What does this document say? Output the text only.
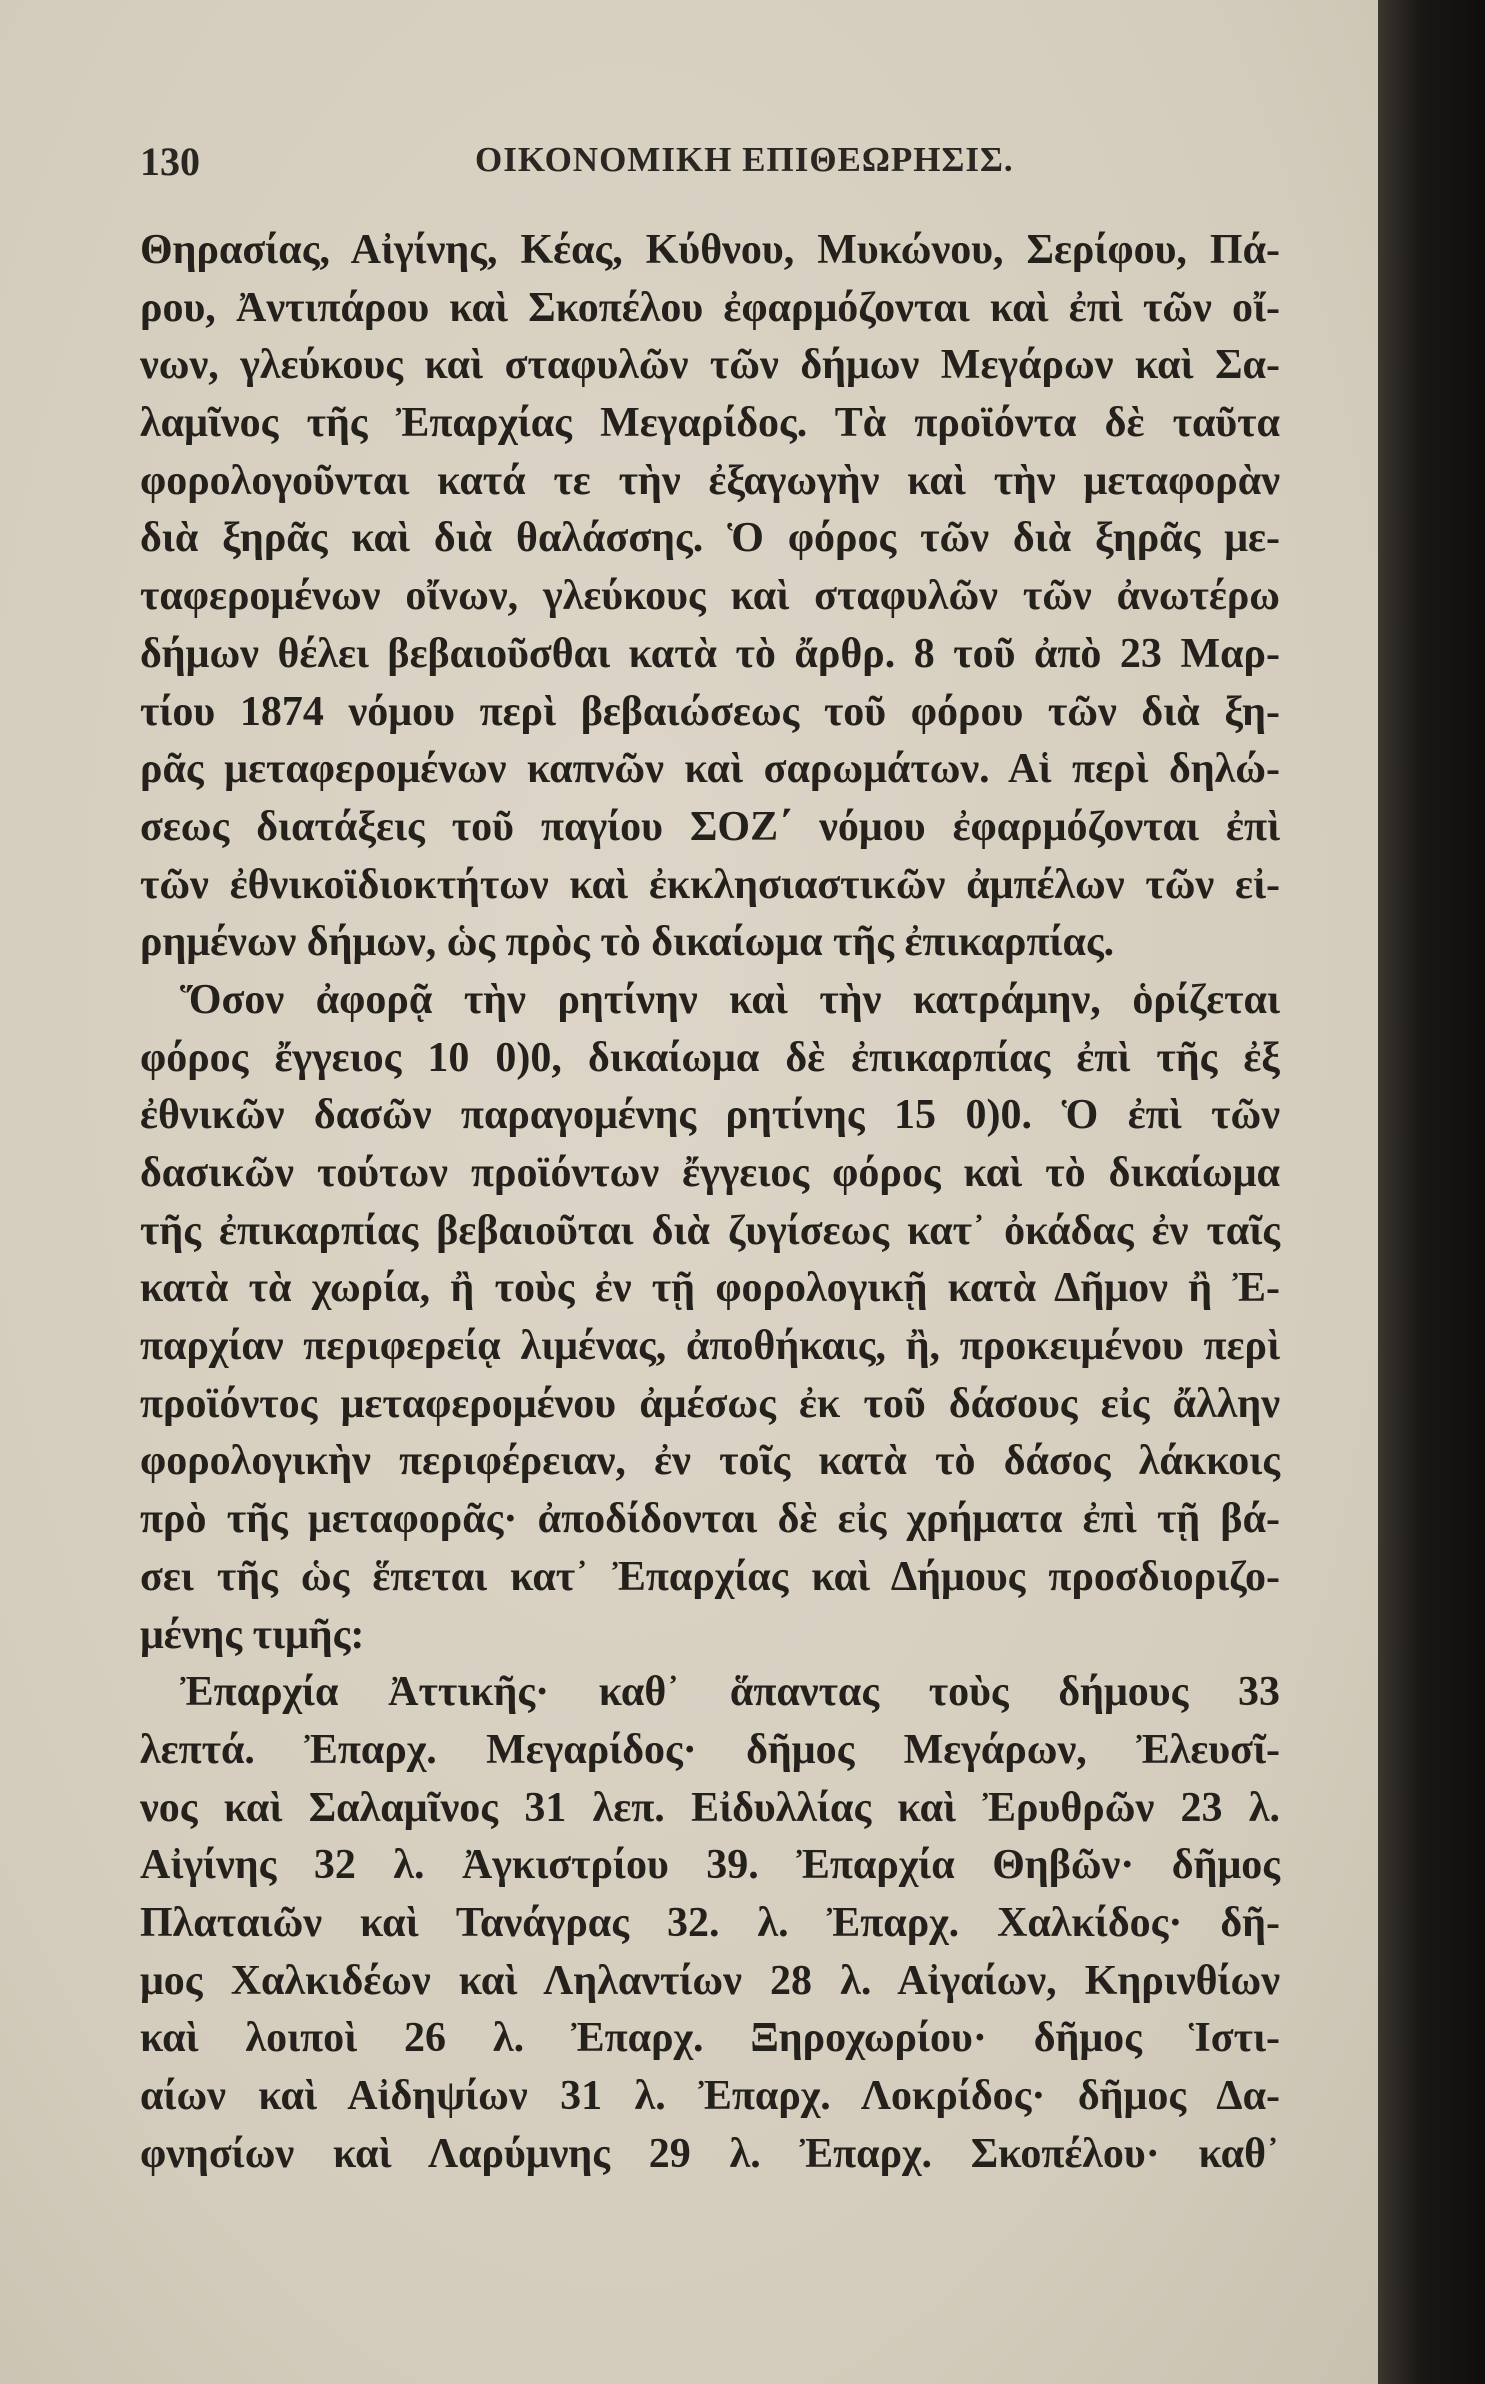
130	ΟΙΚΟΝΟΜΙΚΗ ΕΠΙΘΕΩΡΗΣΙΣ.
Θηρασίας, Αἰγίνης, Κέας, Κύθνου, Μυκώνου, Σερίφου, Πά-
ρου, Ἀντιπάρου καὶ Σκοπέλου ἐφαρμόζονται καὶ ἐπὶ τῶν οἴ-
νων, γλεύκους καὶ σταφυλῶν τῶν δήμων Μεγάρων καὶ Σα-
λαμῖνος τῆς Ἐπαρχίας Μεγαρίδος. Τὰ προϊόντα δὲ ταῦτα
φορολογοῦνται κατά τε τὴν ἐξαγωγὴν καὶ τὴν μεταφορὰν
διὰ ξηρᾶς καὶ διὰ θαλάσσης. Ὁ φόρος τῶν διὰ ξηρᾶς με-
ταφερομένων οἴνων, γλεύκους καὶ σταφυλῶν τῶν ἀνωτέρω
δήμων θέλει βεβαιοῦσθαι κατὰ τὸ ἄρθρ. 8 τοῦ ἀπὸ 23 Μαρ-
τίου 1874 νόμου περὶ βεβαιώσεως τοῦ φόρου τῶν διὰ ξη-
ρᾶς μεταφερομένων καπνῶν καὶ σαρωμάτων. Αἱ περὶ δηλώ-
σεως διατάξεις τοῦ παγίου ΣΟΖ΄ νόμου ἐφαρμόζονται ἐπὶ
τῶν ἐθνικοϊδιοκτήτων καὶ ἐκκλησιαστικῶν ἀμπέλων τῶν εἰ-
ρημένων δήμων, ὡς πρὸς τὸ δικαίωμα τῆς ἐπικαρπίας.
Ὅσον ἀφορᾷ τὴν ρητίνην καὶ τὴν κατράμην, ὁρίζεται
φόρος ἔγγειος 10 0)0, δικαίωμα δὲ ἐπικαρπίας ἐπὶ τῆς ἐξ
ἐθνικῶν δασῶν παραγομένης ρητίνης 15 0)0. Ὁ ἐπὶ τῶν
δασικῶν τούτων προϊόντων ἔγγειος φόρος καὶ τὸ δικαίωμα
τῆς ἐπικαρπίας βεβαιοῦται διὰ ζυγίσεως κατ᾽ ὀκάδας ἐν ταῖς
κατὰ τὰ χωρία, ἢ τοὺς ἐν τῇ φορολογικῇ κατὰ Δῆμον ἢ Ἐ-
παρχίαν περιφερείᾳ λιμένας, ἀποθήκαις, ἢ, προκειμένου περὶ
προϊόντος μεταφερομένου ἀμέσως ἐκ τοῦ δάσους εἰς ἄλλην
φορολογικὴν περιφέρειαν, ἐν τοῖς κατὰ τὸ δάσος λάκκοις
πρὸ τῆς μεταφορᾶς· ἀποδίδονται δὲ εἰς χρήματα ἐπὶ τῇ βά-
σει τῆς ὡς ἕπεται κατ᾽ Ἐπαρχίας καὶ Δήμους προσδιοριζο-
μένης τιμῆς:
Ἐπαρχία Ἀττικῆς· καθ᾽ ἅπαντας τοὺς δήμους 33
λεπτά. Ἐπαρχ. Μεγαρίδος· δῆμος Μεγάρων, Ἐλευσῖ-
νος καὶ Σαλαμῖνος 31 λεπ. Εἰδυλλίας καὶ Ἐρυθρῶν 23 λ.
Αἰγίνης 32 λ. Ἀγκιστρίου 39. Ἐπαρχία Θηβῶν· δῆμος
Πλαταιῶν καὶ Τανάγρας 32. λ. Ἐπαρχ. Χαλκίδος· δῆ-
μος Χαλκιδέων καὶ Ληλαντίων 28 λ. Αἰγαίων, Κηρινθίων
καὶ λοιποὶ 26 λ. Ἐπαρχ. Ξηροχωρίου· δῆμος Ἱστι-
αίων καὶ Αἰδηψίων 31 λ. Ἐπαρχ. Λοκρίδος· δῆμος Δα-
φνησίων καὶ Λαρύμνης 29 λ. Ἐπαρχ. Σκοπέλου· καθ᾽
